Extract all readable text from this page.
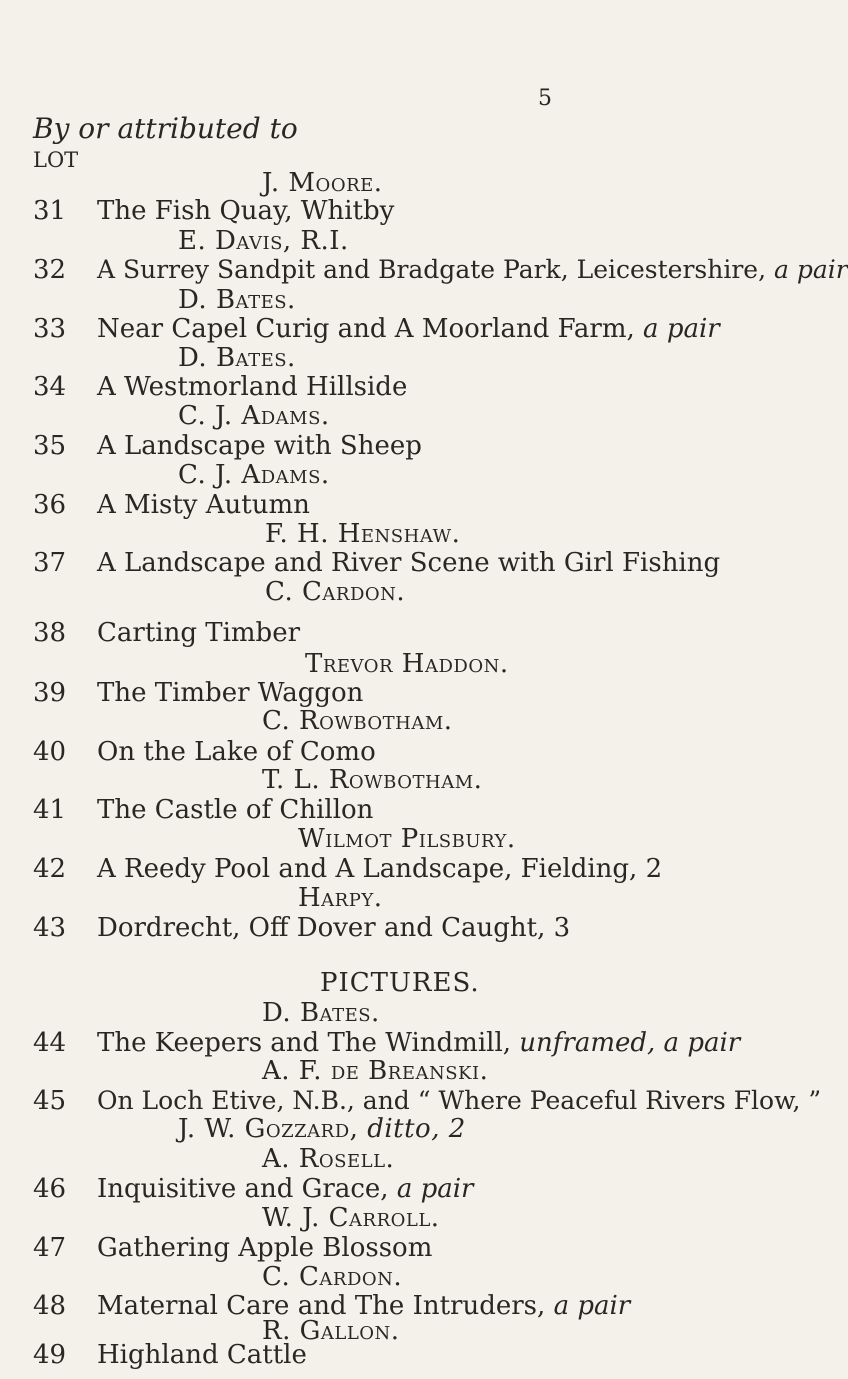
5
By or attributed to
LOT
J. Moore.
31 The Fish Quay, Whitby
E. Davis, R.I.
32 A Surrey Sandpit and Bradgate Park, Leicestershire, a pair
D. Bates.
33 Near Capel Curig and A Moorland Farm, a pair
D. Bates.
34 A Westmorland Hillside
C. J. Adams.
35 A Landscape with Sheep
C. J. Adams.
36 A Misty Autumn
F. H. Henshaw.
37 A Landscape and River Scene with Girl Fishing
C. Cardon.
38 Carting Timber
Trevor Haddon.
39 The Timber Waggon
C. Rowbotham.
40 On the Lake of Como
T. L. Rowbotham.
41 The Castle of Chillon
Wilmot Pilsbury.
42 A Reedy Pool and A Landscape, Fielding, 2
Harpy.
43 Dordrecht, Off Dover and Caught, 3
PICTURES.
D. Bates.
44 The Keepers and The Windmill, unframed, a pair
A. F. de Breanski.
45 On Loch Etive, N.B., and “ Where Peaceful Rivers Flow, ”
J. W. Gozzard, ditto, 2
46 Inquisitive and Grace, a pair
A. Rosell.
47 Gathering Apple Blossom
W. J. Carroll.
48 Maternal Care and The Intruders, a pair
C. Cardon.
49 Highland Cattle
R. Gallon.
